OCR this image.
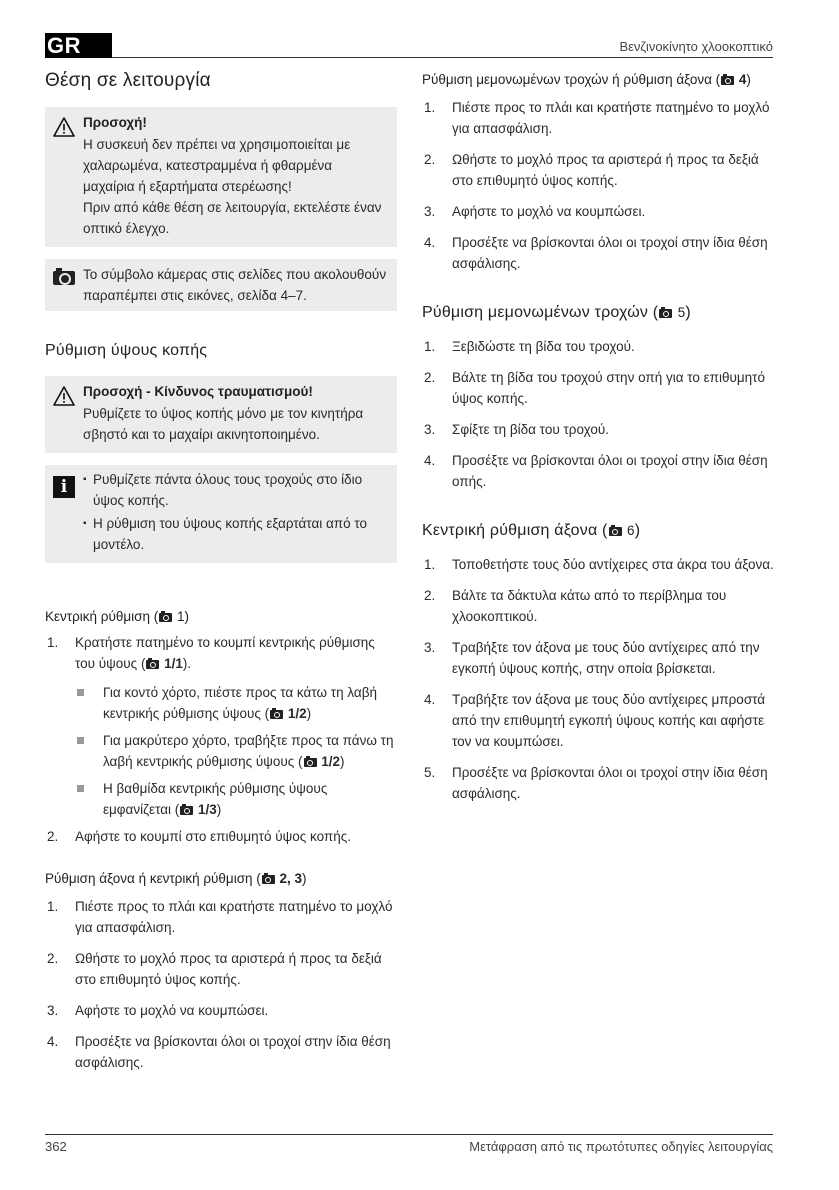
GR	Βενζινοκίνητο χλοοκοπτικό
Θέση σε λειτουργία
Προσοχή!

Η συσκευή δεν πρέπει να χρησιμοποιείται με χαλαρωμένα, κατεστραμμένα ή φθαρμένα μαχαίρια ή εξαρτήματα στερέωσης!

Πριν από κάθε θέση σε λειτουργία, εκτελέστε έναν οπτικό έλεγχο.

Το σύμβολο κάμερας στις σελίδες που ακολουθούν παραπέμπει στις εικόνες, σελίδα 4–7.

Ρύθμιση ύψους κοπής
Προσοχή - Κίνδυνος τραυματισμού!

Ρυθμίζετε το ύψος κοπής μόνο με τον κινητήρα σβηστό και το μαχαίρι ακινητοποιημένο.

i
▪	Ρυθμίζετε πάντα όλους τους τροχούς στο ίδιο ύψος κοπής.
▪ Η ρύθμιση του ύψους κοπής εξαρτάται από το μοντέλο.
Κεντρική ρύθμιση (  1)
1. Κρατήστε πατημένο το κουμπί κεντρικής ρύθμισης του ύψους (  1/1).
Για κοντό χόρτο, πιέστε προς τα κάτω τη λαβή κεντρικής ρύθμισης ύψους (  1/2)
Για μακρύτερο χόρτο, τραβήξτε προς τα πάνω τη λαβή κεντρικής ρύθμισης ύψους (  1/2)
Η βαθμίδα κεντρικής ρύθμισης ύψους εμφανίζεται (  1/3)
2. Αφήστε το κουμπί στο επιθυμητό ύψος κοπής.
Ρύθμιση άξονα ή κεντρική ρύθμιση (  2, 3)
1. Πιέστε προς το πλάι και κρατήστε πατημένο το μοχλό για απασφάλιση.
2. Ωθήστε το μοχλό προς τα αριστερά ή προς τα δεξιά στο επιθυμητό ύψος κοπής.
3. Αφήστε το μοχλό να κουμπώσει.
4. Προσέξτε να βρίσκονται όλοι οι τροχοί στην ίδια θέση ασφάλισης.
Ρύθμιση μεμονωμένων τροχών ή ρύθμιση άξονα (  4)
1. Πιέστε προς το πλάι και κρατήστε πατημένο το μοχλό για απασφάλιση.
2. Ωθήστε το μοχλό προς τα αριστερά ή προς τα δεξιά στο επιθυμητό ύψος κοπής.
3. Αφήστε το μοχλό να κουμπώσει.
4. Προσέξτε να βρίσκονται όλοι οι τροχοί στην ίδια θέση ασφάλισης.
Ρύθμιση μεμονωμένων τροχών (  5)
1. Ξεβιδώστε τη βίδα του τροχού.
2. Βάλτε τη βίδα του τροχού στην οπή για το επιθυμητό ύψος κοπής.
3. Σφίξτε τη βίδα του τροχού.
4. Προσέξτε να βρίσκονται όλοι οι τροχοί στην ίδια θέση οπής.
Κεντρική ρύθμιση άξονα (  6)
1. Τοποθετήστε τους δύο αντίχειρες στα άκρα του άξονα.
2. Βάλτε τα δάκτυλα κάτω από το περίβλημα του χλοοκοπτικού.
3. Τραβήξτε τον άξονα με τους δύο αντίχειρες από την εγκοπή ύψους κοπής, στην οποία βρίσκεται.
4. Τραβήξτε τον άξονα με τους δύο αντίχειρες μπροστά από την επιθυμητή εγκοπή ύψους κοπής και αφήστε τον να κουμπώσει.
5. Προσέξτε να βρίσκονται όλοι οι τροχοί στην ίδια θέση ασφάλισης.
362	Μετάφραση από τις πρωτότυπες οδηγίες λειτουργίας
